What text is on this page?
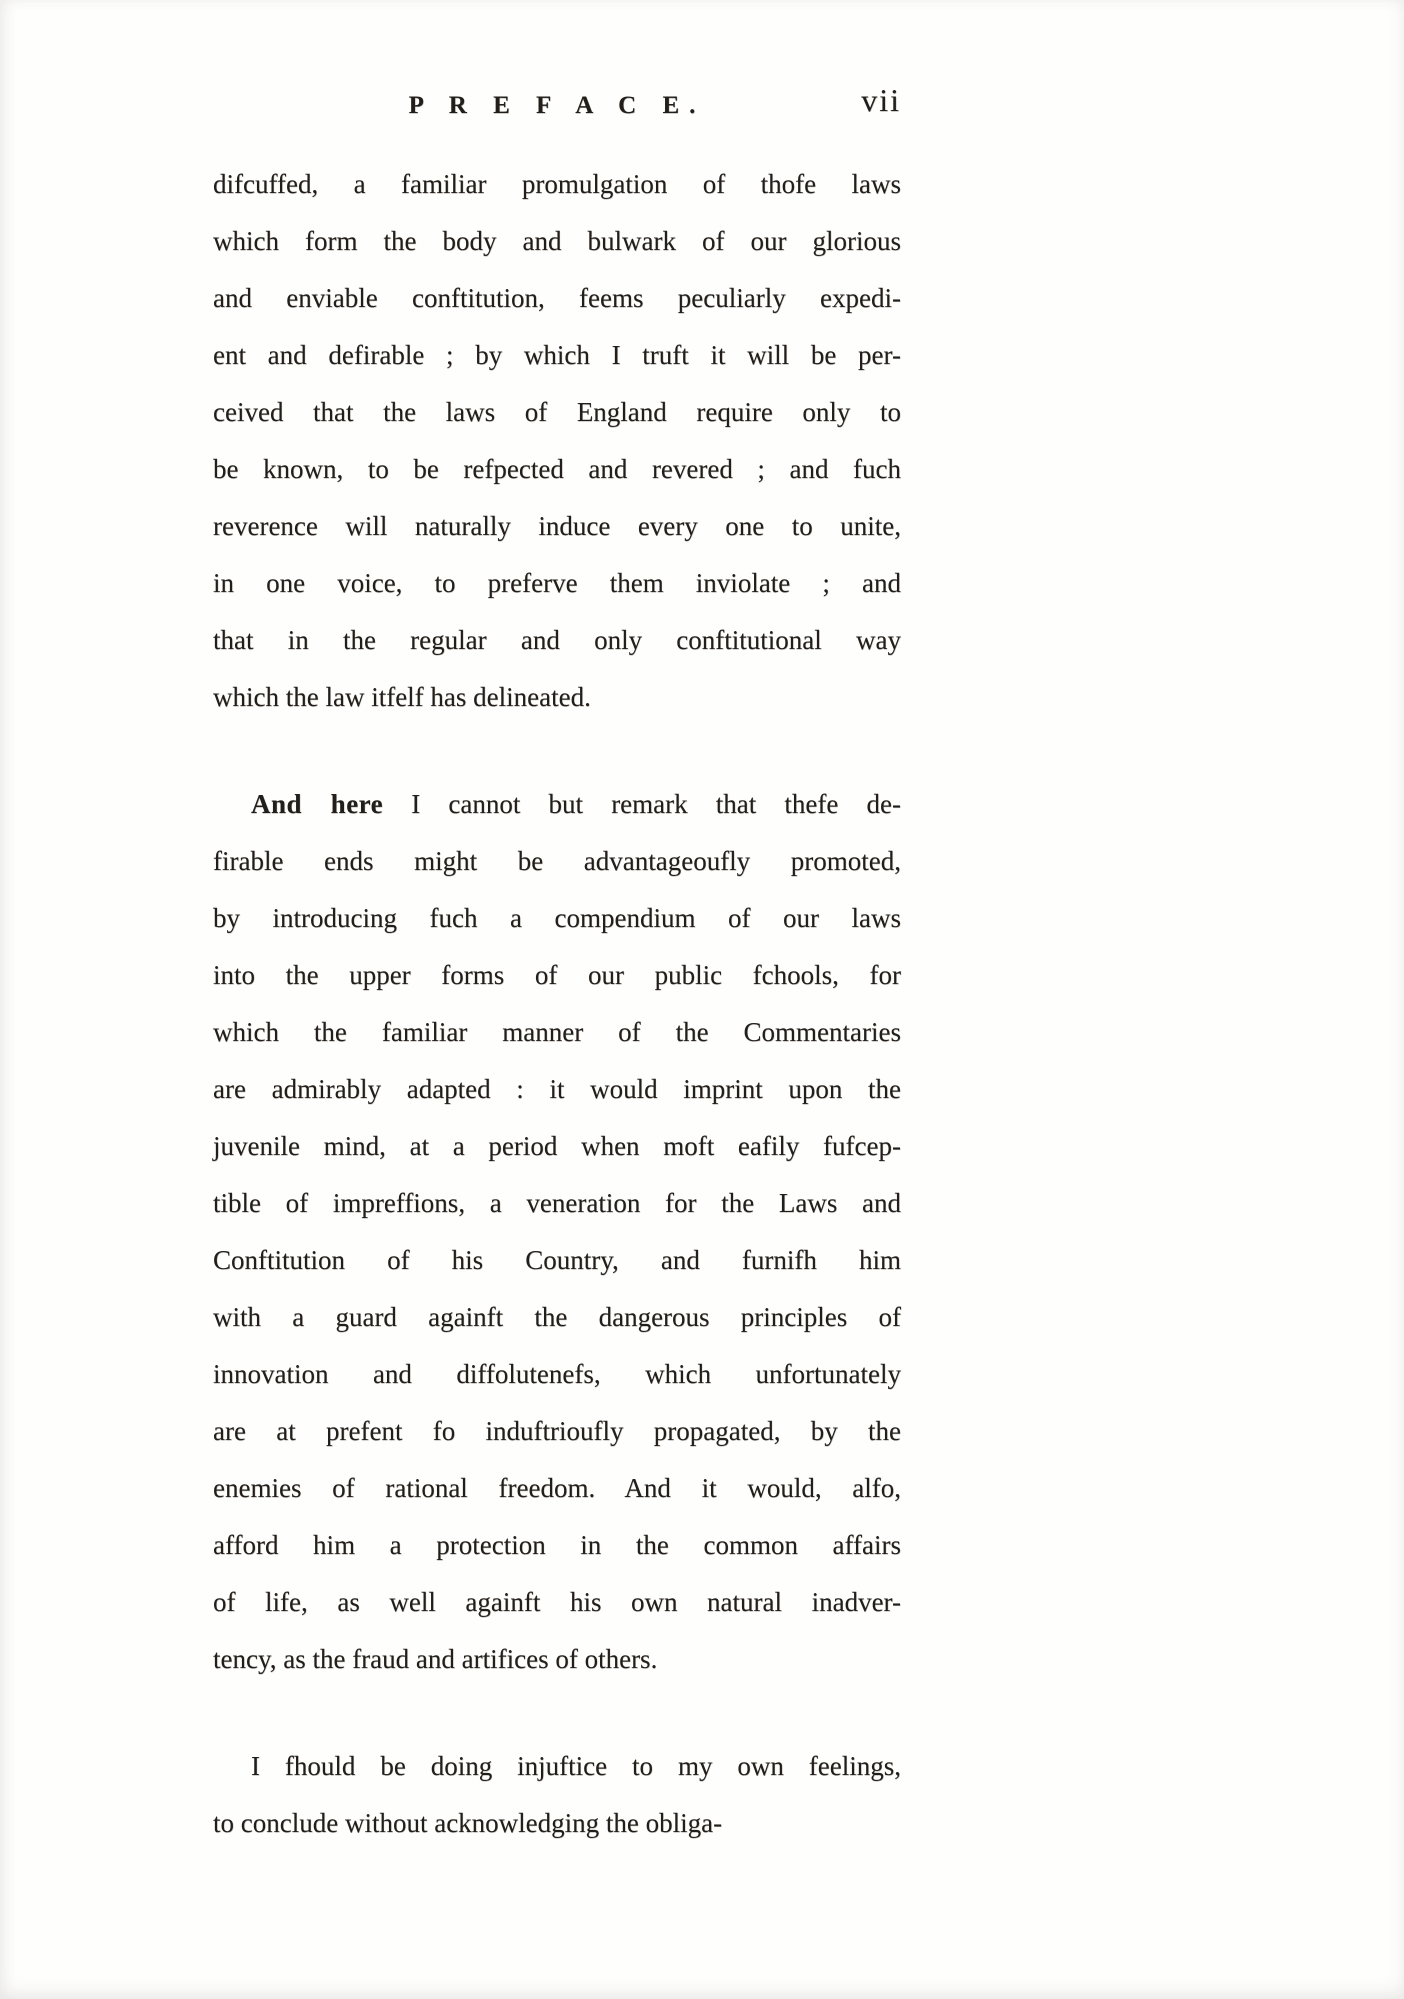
P R E F A C E.	vii
difcuffed, a familiar promulgation of thofe laws
which form the body and bulwark of our glorious
and enviable conftitution, feems peculiarly expedi-
ent and defirable ; by which I truft it will be per-
ceived that the laws of England require only to
be known, to be refpected and revered ; and fuch
reverence will naturally induce every one to unite,
in one voice, to preferve them inviolate ; and
that in the regular and only conftitutional way
which the law itfelf has delineated.
And here I cannot but remark that thefe de-
firable ends might be advantageoufly promoted,
by introducing fuch a compendium of our laws
into the upper forms of our public fchools, for
which the familiar manner of the Commentaries
are admirably adapted : it would imprint upon the
juvenile mind, at a period when moft eafily fufcep-
tible of impreffions, a veneration for the Laws and
Conftitution of his Country, and furnifh him
with a guard againft the dangerous principles of
innovation and diffolutenefs, which unfortunately
are at prefent fo induftrioufly propagated, by the
enemies of rational freedom. And it would, alfo,
afford him a protection in the common affairs
of life, as well againft his own natural inadver-
tency, as the fraud and artifices of others.
I fhould be doing injuftice to my own feelings,
to conclude without acknowledging the obliga-
